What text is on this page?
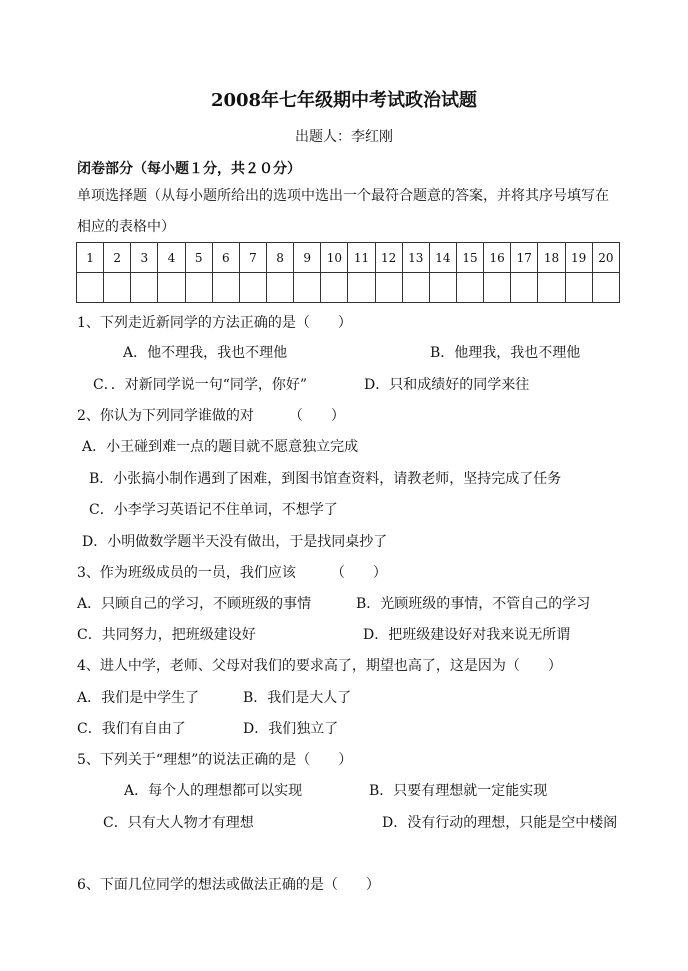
2008年七年级期中考试政治试题
出题人：李红刚
闭卷部分（每小题１分，共２０分）
单项选择题（从每小题所给出的选项中选出一个最符合题意的答案，并将其序号填写在
相应的表格中）
1	2	3	4	5	6	7	8	9	10	11	12	13	14	15	16	17	18	19	20

1、下列走近新同学的方法正确的是（　　）
A．他不理我，我也不理他	B．他理我，我也不理他
C．．对新同学说一句“同学，你好”	D．只和成绩好的同学来往
2、你认为下列同学谁做的对　　　（　　）
A．小王碰到难一点的题目就不愿意独立完成
B．小张搞小制作遇到了困难，到图书馆查资料，请教老师，坚持完成了任务
C．小李学习英语记不住单词，不想学了
D．小明做数学题半天没有做出，于是找同桌抄了
3、作为班级成员的一员，我们应该　　　（　　）
A．只顾自己的学习，不顾班级的事情	B．光顾班级的事情，不管自己的学习
C．共同努力，把班级建设好	D．把班级建设好对我来说无所谓
4、进人中学，老师、父母对我们的要求高了，期望也高了，这是因为（　　）
A．我们是中学生了	B．我们是大人了
C．我们有自由了	D．我们独立了
5、下列关于“理想”的说法正确的是（　　）
A．每个人的理想都可以实现	B．只要有理想就一定能实现
C．只有大人物才有理想	D．没有行动的理想，只能是空中楼阁
6、下面几位同学的想法或做法正确的是（　　）
